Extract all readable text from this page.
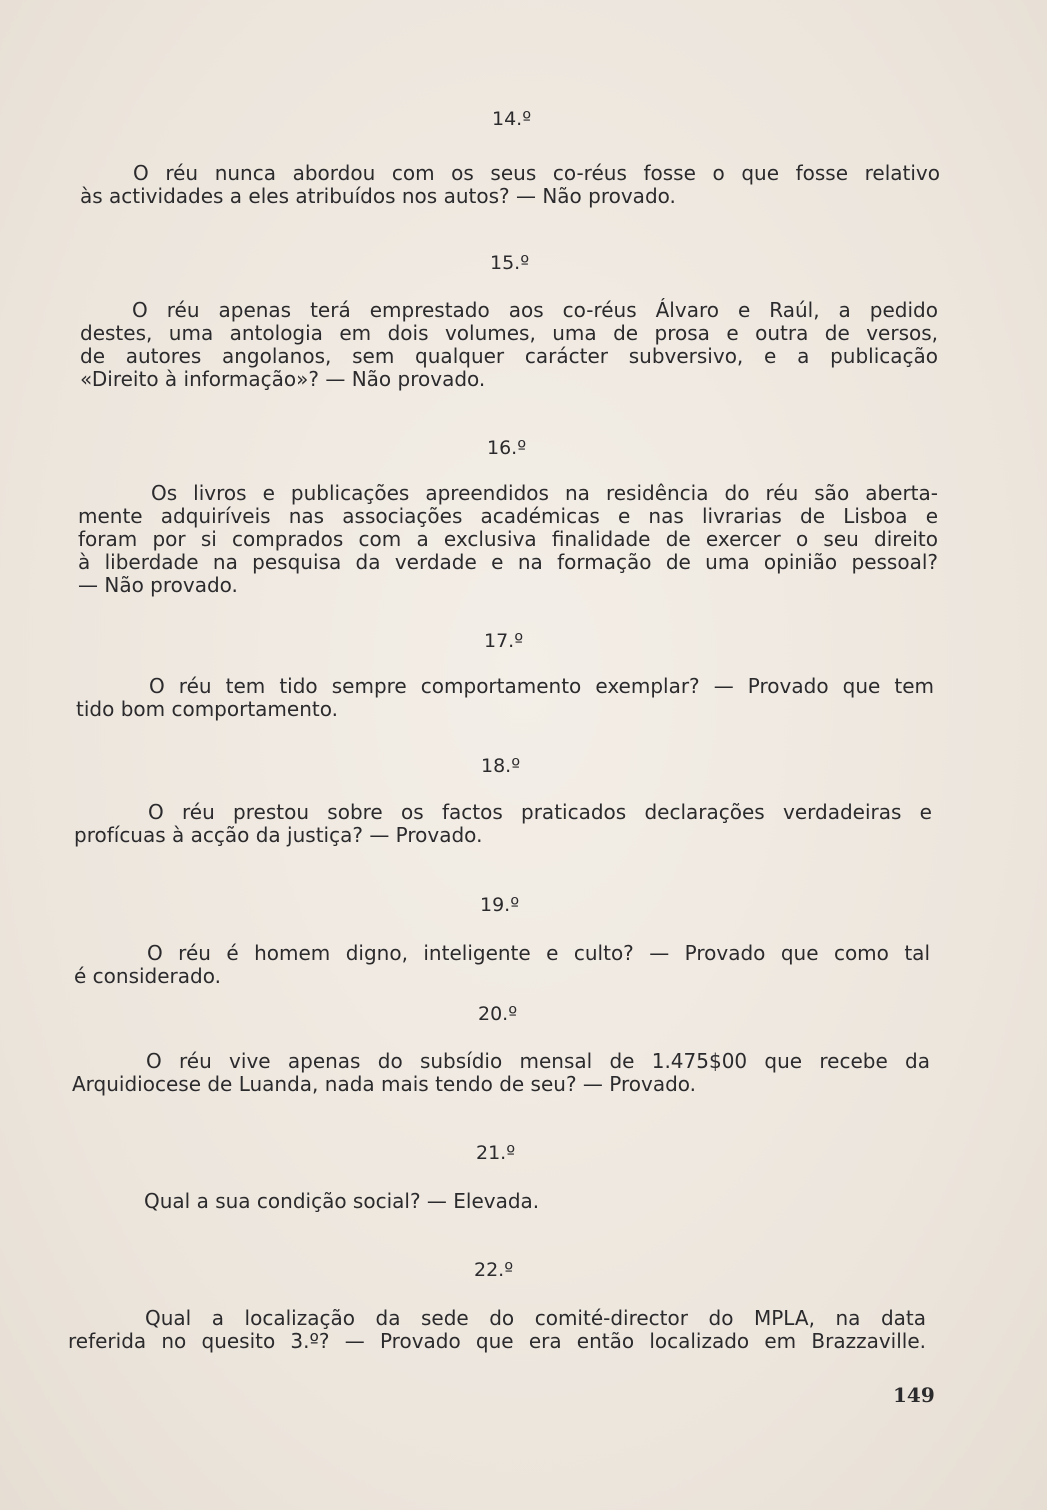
14.º
O réu nunca abordou com os seus co-réus fosse o que fosse relativo
às actividades a eles atribuídos nos autos? — Não provado.
15.º
O réu apenas terá emprestado aos co-réus Álvaro e Raúl, a pedido
destes, uma antologia em dois volumes, uma de prosa e outra de versos,
de autores angolanos, sem qualquer carácter subversivo, e a publicação
«Direito à informação»? — Não provado.
16.º
Os livros e publicações apreendidos na residência do réu são aberta-
mente adquiríveis nas associações académicas e nas livrarias de Lisboa e
foram por si comprados com a exclusiva finalidade de exercer o seu direito
à liberdade na pesquisa da verdade e na formação de uma opinião pessoal?
— Não provado.
17.º
O réu tem tido sempre comportamento exemplar? — Provado que tem
tido bom comportamento.
18.º
O réu prestou sobre os factos praticados declarações verdadeiras e
profícuas à acção da justiça? — Provado.
19.º
O réu é homem digno, inteligente e culto? — Provado que como tal
é considerado.
20.º
O réu vive apenas do subsídio mensal de 1.475$00 que recebe da
Arquidiocese de Luanda, nada mais tendo de seu? — Provado.
21.º
Qual a sua condição social? — Elevada.
22.º
Qual a localização da sede do comité-director do MPLA, na data
referida no quesito 3.º? — Provado que era então localizado em Brazzaville.
149
